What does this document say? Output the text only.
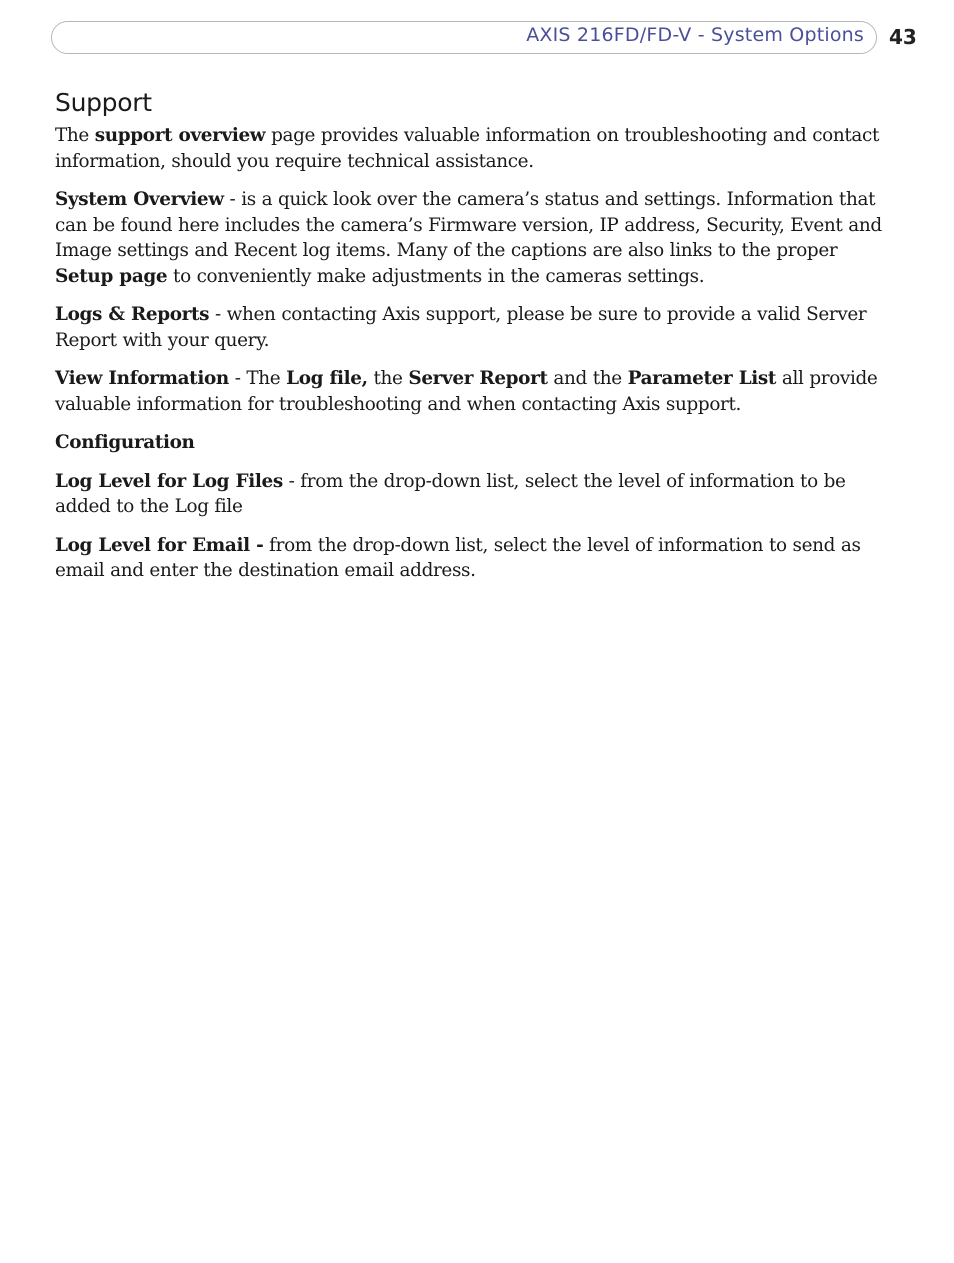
AXIS 216FD/FD-V - System Options 43
Support

The support overview page provides valuable information on troubleshooting and contact information, should you require technical assistance.

System Overview - is a quick look over the camera’s status and settings. Information that can be found here includes the camera’s Firmware version, IP address, Security, Event and Image settings and Recent log items. Many of the captions are also links to the proper Setup page to conveniently make adjustments in the cameras settings.

Logs & Reports - when contacting Axis support, please be sure to provide a valid Server Report with your query.

View Information - The Log file, the Server Report and the Parameter List all provide valuable information for troubleshooting and when contacting Axis support.

Configuration

Log Level for Log Files - from the drop-down list, select the level of information to be added to the Log file

Log Level for Email - from the drop-down list, select the level of information to send as email and enter the destination email address.
